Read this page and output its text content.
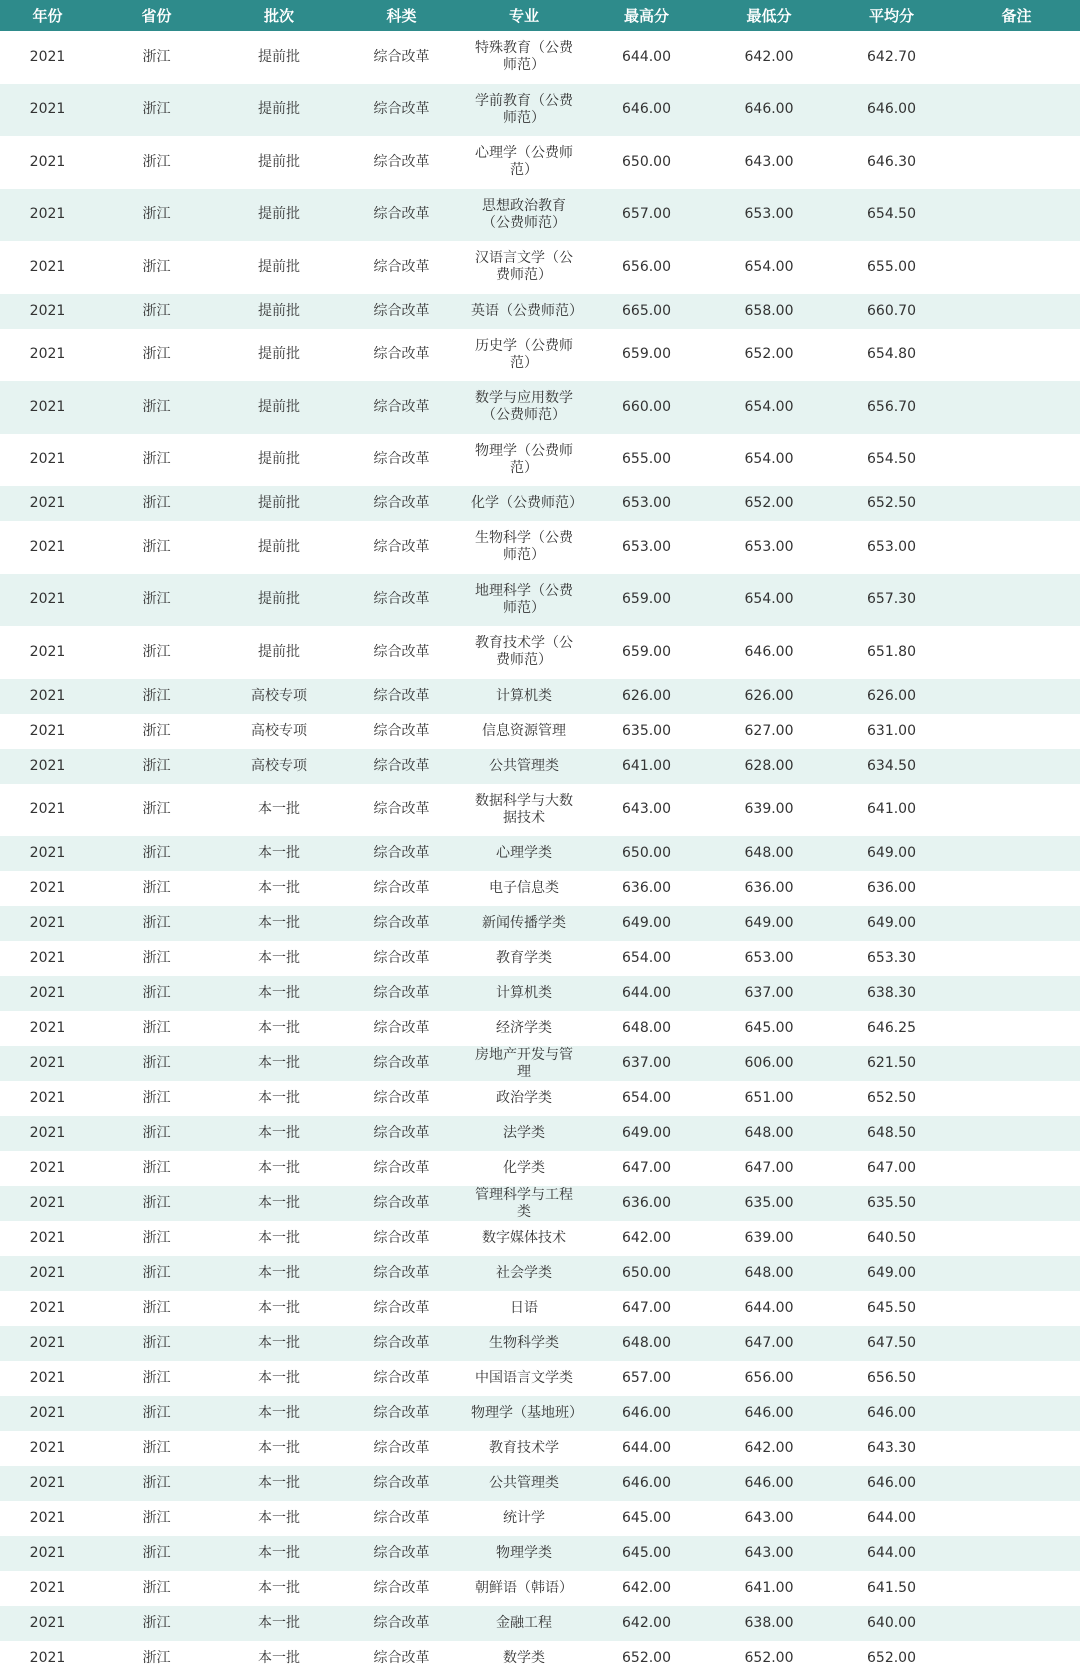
年份	省份	批次	科类	专业	最高分	最低分	平均分	备注
2021	浙江	提前批	综合改革	特殊教育（公费师范）	644.00	642.00	642.70	
2021	浙江	提前批	综合改革	学前教育（公费师范）	646.00	646.00	646.00	
2021	浙江	提前批	综合改革	心理学（公费师范）	650.00	643.00	646.30	
2021	浙江	提前批	综合改革	思想政治教育（公费师范）	657.00	653.00	654.50	
2021	浙江	提前批	综合改革	汉语言文学（公费师范）	656.00	654.00	655.00	
2021	浙江	提前批	综合改革	英语（公费师范）	665.00	658.00	660.70	
2021	浙江	提前批	综合改革	历史学（公费师范）	659.00	652.00	654.80	
2021	浙江	提前批	综合改革	数学与应用数学（公费师范）	660.00	654.00	656.70	
2021	浙江	提前批	综合改革	物理学（公费师范）	655.00	654.00	654.50	
2021	浙江	提前批	综合改革	化学（公费师范）	653.00	652.00	652.50	
2021	浙江	提前批	综合改革	生物科学（公费师范）	653.00	653.00	653.00	
2021	浙江	提前批	综合改革	地理科学（公费师范）	659.00	654.00	657.30	
2021	浙江	提前批	综合改革	教育技术学（公费师范）	659.00	646.00	651.80	
2021	浙江	高校专项	综合改革	计算机类	626.00	626.00	626.00	
2021	浙江	高校专项	综合改革	信息资源管理	635.00	627.00	631.00	
2021	浙江	高校专项	综合改革	公共管理类	641.00	628.00	634.50	
2021	浙江	本一批	综合改革	数据科学与大数据技术	643.00	639.00	641.00	
2021	浙江	本一批	综合改革	心理学类	650.00	648.00	649.00	
2021	浙江	本一批	综合改革	电子信息类	636.00	636.00	636.00	
2021	浙江	本一批	综合改革	新闻传播学类	649.00	649.00	649.00	
2021	浙江	本一批	综合改革	教育学类	654.00	653.00	653.30	
2021	浙江	本一批	综合改革	计算机类	644.00	637.00	638.30	
2021	浙江	本一批	综合改革	经济学类	648.00	645.00	646.25	
2021	浙江	本一批	综合改革	房地产开发与管理	637.00	606.00	621.50	
2021	浙江	本一批	综合改革	政治学类	654.00	651.00	652.50	
2021	浙江	本一批	综合改革	法学类	649.00	648.00	648.50	
2021	浙江	本一批	综合改革	化学类	647.00	647.00	647.00	
2021	浙江	本一批	综合改革	管理科学与工程类	636.00	635.00	635.50	
2021	浙江	本一批	综合改革	数字媒体技术	642.00	639.00	640.50	
2021	浙江	本一批	综合改革	社会学类	650.00	648.00	649.00	
2021	浙江	本一批	综合改革	日语	647.00	644.00	645.50	
2021	浙江	本一批	综合改革	生物科学类	648.00	647.00	647.50	
2021	浙江	本一批	综合改革	中国语言文学类	657.00	656.00	656.50	
2021	浙江	本一批	综合改革	物理学（基地班）	646.00	646.00	646.00	
2021	浙江	本一批	综合改革	教育技术学	644.00	642.00	643.30	
2021	浙江	本一批	综合改革	公共管理类	646.00	646.00	646.00	
2021	浙江	本一批	综合改革	统计学	645.00	643.00	644.00	
2021	浙江	本一批	综合改革	物理学类	645.00	643.00	644.00	
2021	浙江	本一批	综合改革	朝鲜语（韩语）	642.00	641.00	641.50	
2021	浙江	本一批	综合改革	金融工程	642.00	638.00	640.00	
2021	浙江	本一批	综合改革	数学类	652.00	652.00	652.00	
